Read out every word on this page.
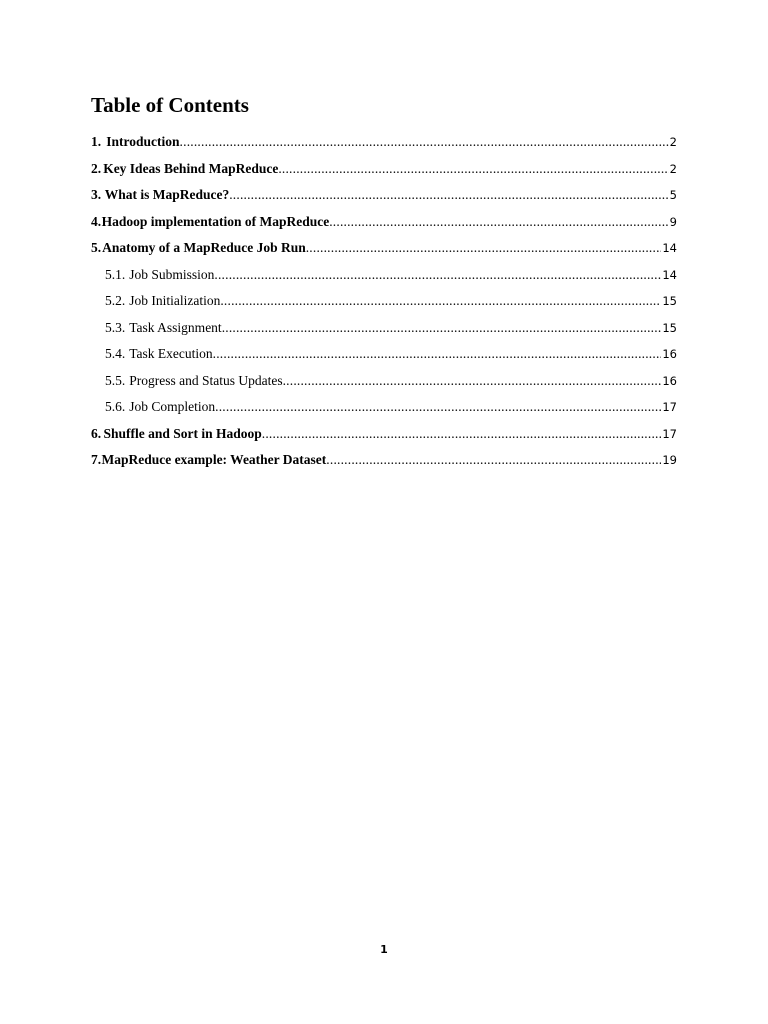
Table of Contents
1. Introduction .....	2
2. Key Ideas Behind MapReduce .....	2
3. What is MapReduce? .....	5
4. Hadoop implementation of MapReduce .....	9
5. Anatomy of a MapReduce Job Run .....	14
5.1. Job Submission .....	14
5.2. Job Initialization .....	15
5.3. Task Assignment .....	15
5.4. Task Execution .....	16
5.5. Progress and Status Updates .....	16
5.6. Job Completion .....	17
6. Shuffle and Sort in Hadoop .....	17
7. MapReduce example: Weather Dataset .....	19
1
